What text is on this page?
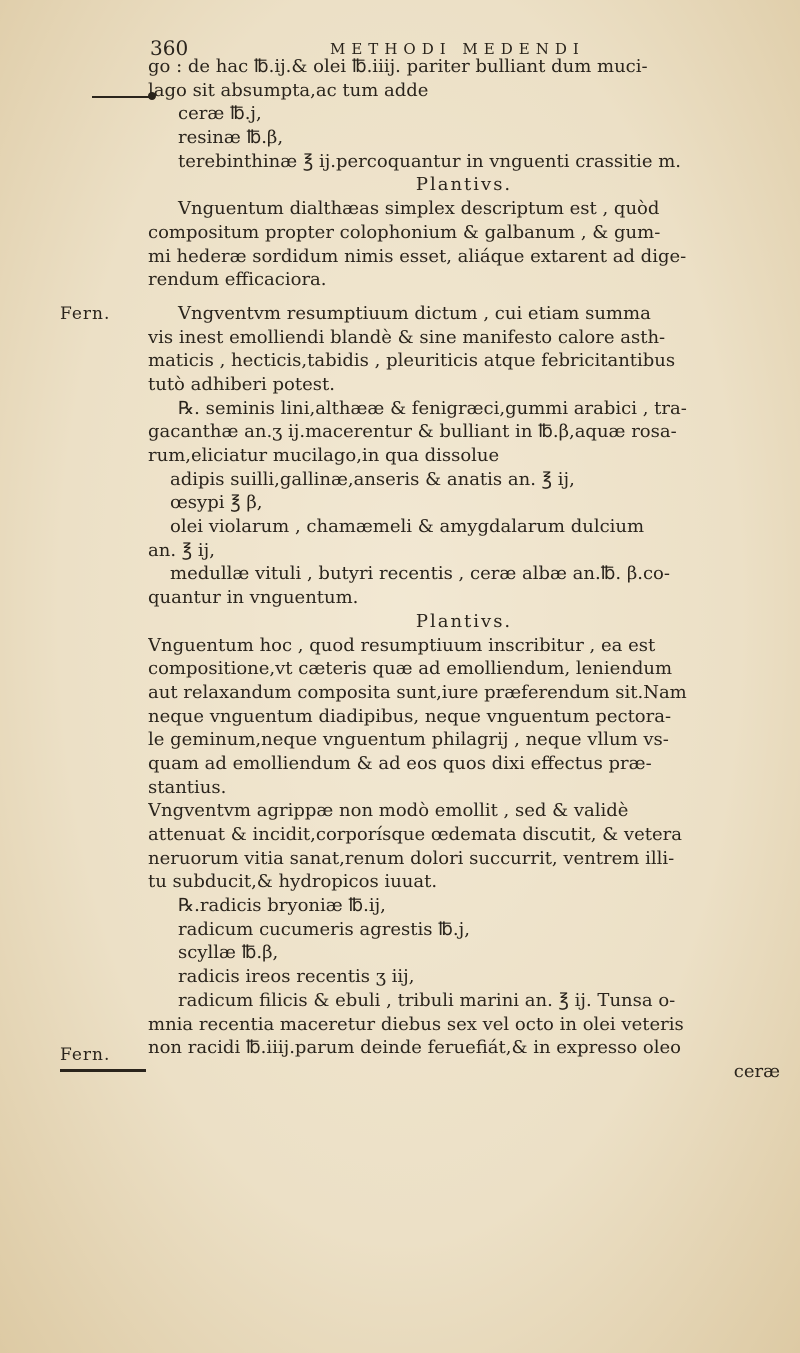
360	METHODI MEDENDI
Fern.
Fern.
go : de hac ℔.ij.& olei ℔.iiij. pariter bulliant dum muci-
lago sit absumpta,ac tum adde
ceræ ℔.j,
resinæ ℔.β,
terebinthinæ ℥ ij.percoquantur in vnguenti crassitie m.
Plantivs.
Vnguentum dialthæas simplex descriptum est , quòd
compositum propter colophonium & galbanum , & gum-
mi hederæ sordidum nimis esset, aliáque extarent ad dige-
rendum efficaciora.
Vngventvm resumptiuum dictum , cui etiam summa
vis inest emolliendi blandè & sine manifesto calore asth-
maticis , hecticis,tabidis , pleuriticis atque febricitantibus
tutò adhiberi potest.
℞. seminis lini,althææ & fenigræci,gummi arabici , tra-
gacanthæ an.ʒ ij.macerentur & bulliant in ℔.β,aquæ rosa-
rum,eliciatur mucilago,in qua dissolue
adipis suilli,gallinæ,anseris & anatis an. ℥ ij,
œsypi ℥ β,
olei violarum , chamæmeli & amygdalarum dulcium
an. ℥ ij,
medullæ vituli , butyri recentis , ceræ albæ an.℔. β.co-
quantur in vnguentum.
Plantivs.
Vnguentum hoc , quod resumptiuum inscribitur , ea est
compositione,vt cæteris quæ ad emolliendum, leniendum
aut relaxandum composita sunt,iure præferendum sit.Nam
neque vnguentum diadipibus, neque vnguentum pectora-
le geminum,neque vnguentum philagrij , neque vllum vs-
quam ad emolliendum & ad eos quos dixi effectus præ-
stantius.
Vngventvm agrippæ non modò emollit , sed & validè
attenuat & incidit,corporísque œdemata discutit, & vetera
neruorum vitia sanat,renum dolori succurrit, ventrem illi-
tu subducit,& hydropicos iuuat.
℞.radicis bryoniæ ℔.ij,
radicum cucumeris agrestis ℔.j,
scyllæ ℔.β,
radicis ireos recentis ʒ iij,
radicum filicis & ebuli , tribuli marini an. ℥ ij. Tunsa o-
mnia recentia maceretur diebus sex vel octo in olei veteris
non racidi ℔.iiij.parum deinde feruefiát,& in expresso oleo
ceræ
